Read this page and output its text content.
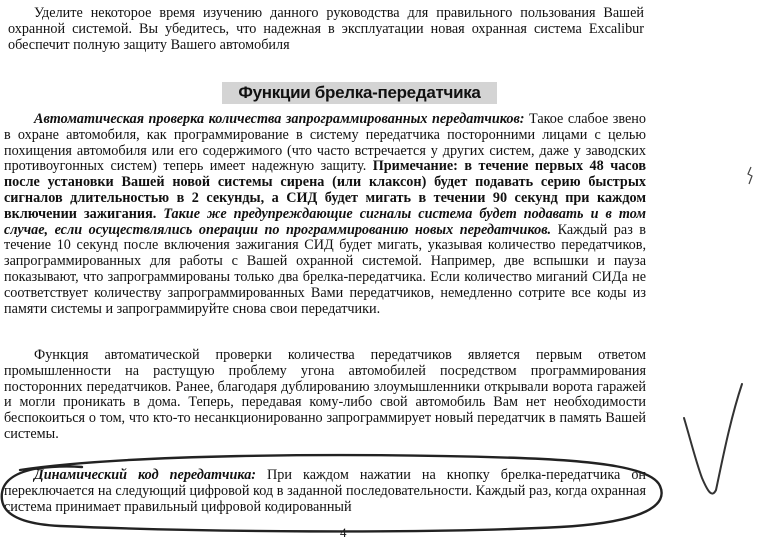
Уделите некоторое время изучению данного руководства для правильного пользования Вашей охранной системой. Вы убедитесь, что надежная в эксплуатации новая охранная система Excalibur обеспечит полную защиту Вашего автомобиля

Функции брелка-передатчика

Автоматическая проверка количества запрограммированных передатчиков: Такое слабое звено в охране автомобиля, как программирование в систему передатчика посторонними лицами с целью похищения автомобиля или его содержимого (что часто встречается у других систем, даже у заводских противоугонных систем) теперь имеет надежную защиту. Примечание: в течение первых 48 часов после установки Вашей новой системы сирена (или клаксон) будет подавать серию быстрых сигналов длительностью в 2 секунды, а СИД будет мигать в течении 90 секунд при каждом включении зажигания. Такие же предупреждающие сигналы система будет подавать и в том случае, если осуществлялись операции по программированию новых передатчиков. Каждый раз в течение 10 секунд после включения зажигания СИД будет мигать, указывая количество передатчиков, запрограммированных для работы с Вашей охранной системой. Например, две вспышки и пауза показывают, что запрограммированы только два брелка-передатчика. Если количество миганий СИДа не соответствует количеству запрограммированных Вами передатчиков, немедленно сотрите все коды из памяти системы и запрограммируйте снова свои передатчики.

Функция автоматической проверки количества передатчиков является первым ответом промышленности на растущую проблему угона автомобилей посредством программирования посторонних передатчиков. Ранее, благодаря дублированию злоумышленники открывали ворота гаражей и могли проникать в дома. Теперь, передавая кому-либо свой автомобиль Вам нет необходимости беспокоиться о том, что кто-то несанкционированно запрограммирует новый передатчик в память Вашей системы.

Динамический код передатчика: При каждом нажатии на кнопку брелка-передатчика он переключается на следующий цифровой код в заданной последовательности. Каждый раз, когда охранная система принимает правильный цифровой кодированный

4
